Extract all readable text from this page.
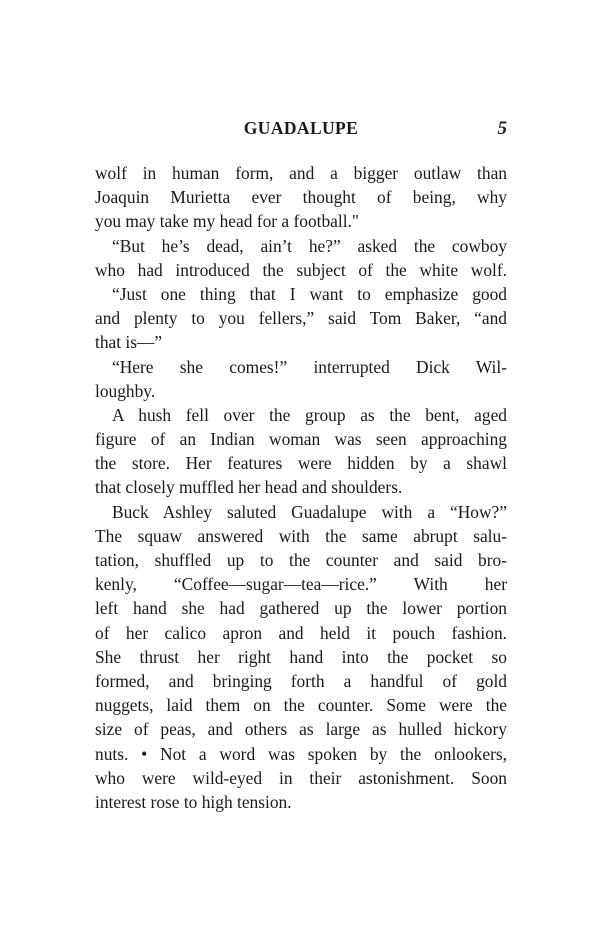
GUADALUPE	5
wolf in human form, and a bigger outlaw than
Joaquin Murietta ever thought of being, why
you may take my head for a football."
“But he’s dead, ain’t he?” asked the cowboy
who had introduced the subject of the white wolf.
“Just one thing that I want to emphasize good
and plenty to you fellers,” said Tom Baker, “and
that is—”
“Here she comes!” interrupted Dick Wil-
loughby.
A hush fell over the group as the bent, aged
figure of an Indian woman was seen approaching
the store. Her features were hidden by a shawl
that closely muffled her head and shoulders.
Buck Ashley saluted Guadalupe with a “How?”
The squaw answered with the same abrupt salu-
tation, shuffled up to the counter and said bro-
kenly, “Coffee—sugar—tea—rice.” With her
left hand she had gathered up the lower portion
of her calico apron and held it pouch fashion.
She thrust her right hand into the pocket so
formed, and bringing forth a handful of gold
nuggets, laid them on the counter. Some were the
size of peas, and others as large as hulled hickory
nuts. • Not a word was spoken by the onlookers,
who were wild-eyed in their astonishment. Soon
interest rose to high tension.
